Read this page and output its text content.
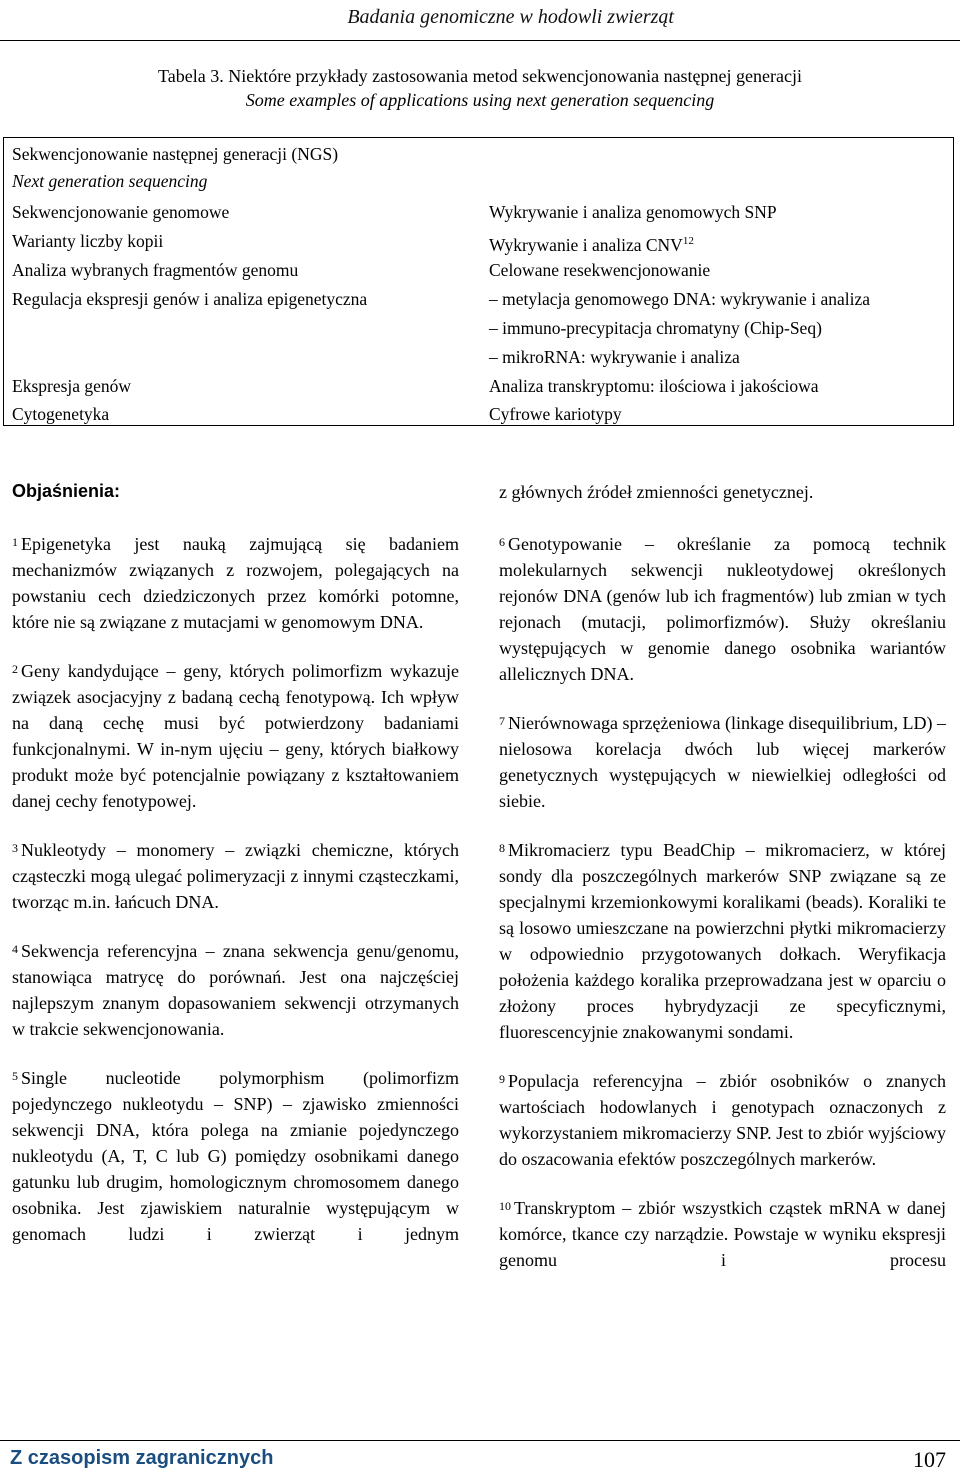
Badania genomiczne w hodowli zwierząt
Tabela 3. Niektóre przykłady zastosowania metod sekwencjonowania następnej generacji
Some examples of applications using next generation sequencing
Sekwencjonowanie następnej generacji (NGS)
Next generation sequencing
Sekwencjonowanie genomowe	Wykrywanie i analiza genomowych SNP
Warianty liczby kopii	Wykrywanie i analiza CNV$^{12}$
Analiza wybranych fragmentów genomu	Celowane resekwencjonowanie
Regulacja ekspresji genów i analiza epigenetyczna	– metylacja genomowego DNA: wykrywanie i analiza
– immuno-precypitacja chromatyny (Chip-Seq)
– mikroRNA: wykrywanie i analiza
Ekspresja genów	Analiza transkryptomu: ilościowa i jakościowa
Cytogenetyka	Cyfrowe kariotypy
Objaśnienia:

$^1$ Epigenetyka jest nauką zajmującą się badaniem mechanizmów związanych z rozwojem, polegających na powstaniu cech dziedziczonych przez komórki potomne, które nie są związane z mutacjami w genomowym DNA.

$^2$ Geny kandydujące – geny, których polimorfizm wykazuje związek asocjacyjny z badaną cechą fenotypową. Ich wpływ na daną cechę musi być potwierdzony badaniami funkcjonalnymi. W in-nym ujęciu – geny, których białkowy produkt może być potencjalnie powiązany z kształtowaniem danej cechy fenotypowej.

$^3$ Nukleotydy – monomery – związki chemiczne, których cząsteczki mogą ulegać polimeryzacji z innymi cząsteczkami, tworząc m.in. łańcuch DNA.

$^4$ Sekwencja referencyjna – znana sekwencja genu/genomu, stanowiąca matrycę do porównań. Jest ona najczęściej najlepszym znanym dopasowaniem sekwencji otrzymanych w trakcie sekwencjonowania.

$^5$ Single nucleotide polymorphism (polimorfizm pojedynczego nukleotydu – SNP) – zjawisko zmienności sekwencji DNA, która polega na zmianie pojedynczego nukleotydu (A, T, C lub G) pomiędzy osobnikami danego gatunku lub drugim, homologicznym chromosomem danego osobnika. Jest zjawiskiem naturalnie występującym w genomach ludzi i zwierząt i jednym

z głównych źródeł zmienności genetycznej.

$^6$ Genotypowanie – określanie za pomocą technik molekularnych sekwencji nukleotydowej określonych rejonów DNA (genów lub ich fragmentów) lub zmian w tych rejonach (mutacji, polimorfizmów). Służy określaniu występujących w genomie danego osobnika wariantów allelicznych DNA.

$^7$ Nierównowaga sprzężeniowa (linkage disequilibrium, LD) – nielosowa korelacja dwóch lub więcej markerów genetycznych występujących w niewielkiej odległości od siebie.

$^8$ Mikromacierz typu BeadChip – mikromacierz, w której sondy dla poszczególnych markerów SNP związane są ze specjalnymi krzemionkowymi koralikami (beads). Koraliki te są losowo umieszczane na powierzchni płytki mikromacierzy w odpowiednio przygotowanych dołkach. Weryfikacja położenia każdego koralika przeprowadzana jest w oparciu o złożony proces hybrydyzacji ze specyficznymi, fluorescencyjnie znakowanymi sondami.

$^9$ Populacja referencyjna – zbiór osobników o znanych wartościach hodowlanych i genotypach oznaczonych z wykorzystaniem mikromacierzy SNP. Jest to zbiór wyjściowy do oszacowania efektów poszczególnych markerów.

$^{10}$ Transkryptom – zbiór wszystkich cząstek mRNA w danej komórce, tkance czy narządzie. Powstaje w wyniku ekspresji genomu i procesu

Z czasopism zagranicznych	107
